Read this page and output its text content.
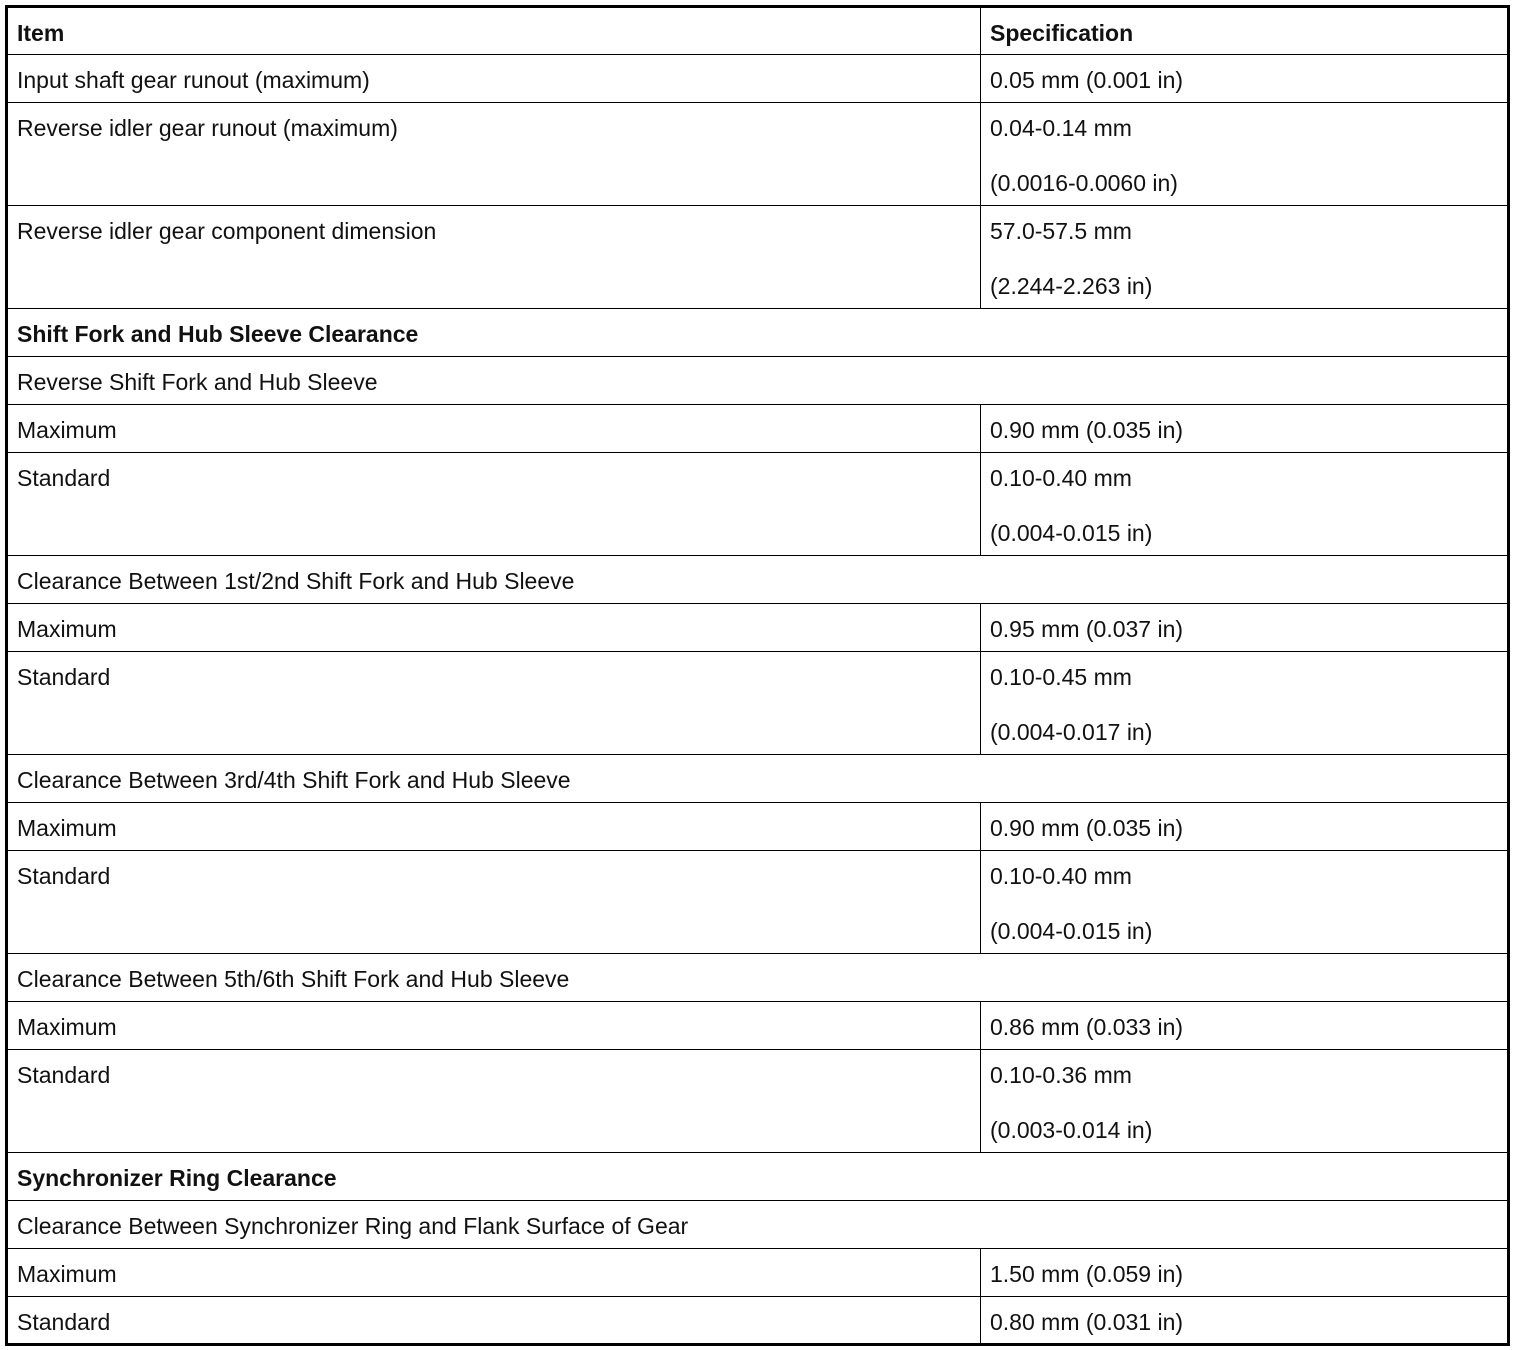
Item	Specification
Input shaft gear runout (maximum)	0.05 mm (0.001 in)

Reverse idler gear runout (maximum)	0.04-0.14 mm
(0.0016-0.0060 in)

Reverse idler gear component dimension	57.0-57.5 mm
(2.244-2.263 in)

Shift Fork and Hub Sleeve Clearance	
Reverse Shift Fork and Hub Sleeve	
Maximum	0.90 mm (0.035 in)

Standard	0.10-0.40 mm
(0.004-0.015 in)

Clearance Between 1st/2nd Shift Fork and Hub Sleeve	
Maximum	0.95 mm (0.037 in)

Standard	0.10-0.45 mm
(0.004-0.017 in)

Clearance Between 3rd/4th Shift Fork and Hub Sleeve	
Maximum	0.90 mm (0.035 in)

Standard	0.10-0.40 mm
(0.004-0.015 in)

Clearance Between 5th/6th Shift Fork and Hub Sleeve	
Maximum	0.86 mm (0.033 in)

Standard	0.10-0.36 mm
(0.003-0.014 in)

Synchronizer Ring Clearance	
Clearance Between Synchronizer Ring and Flank Surface of Gear	
Maximum	1.50 mm (0.059 in)

Standard	0.80 mm (0.031 in)
